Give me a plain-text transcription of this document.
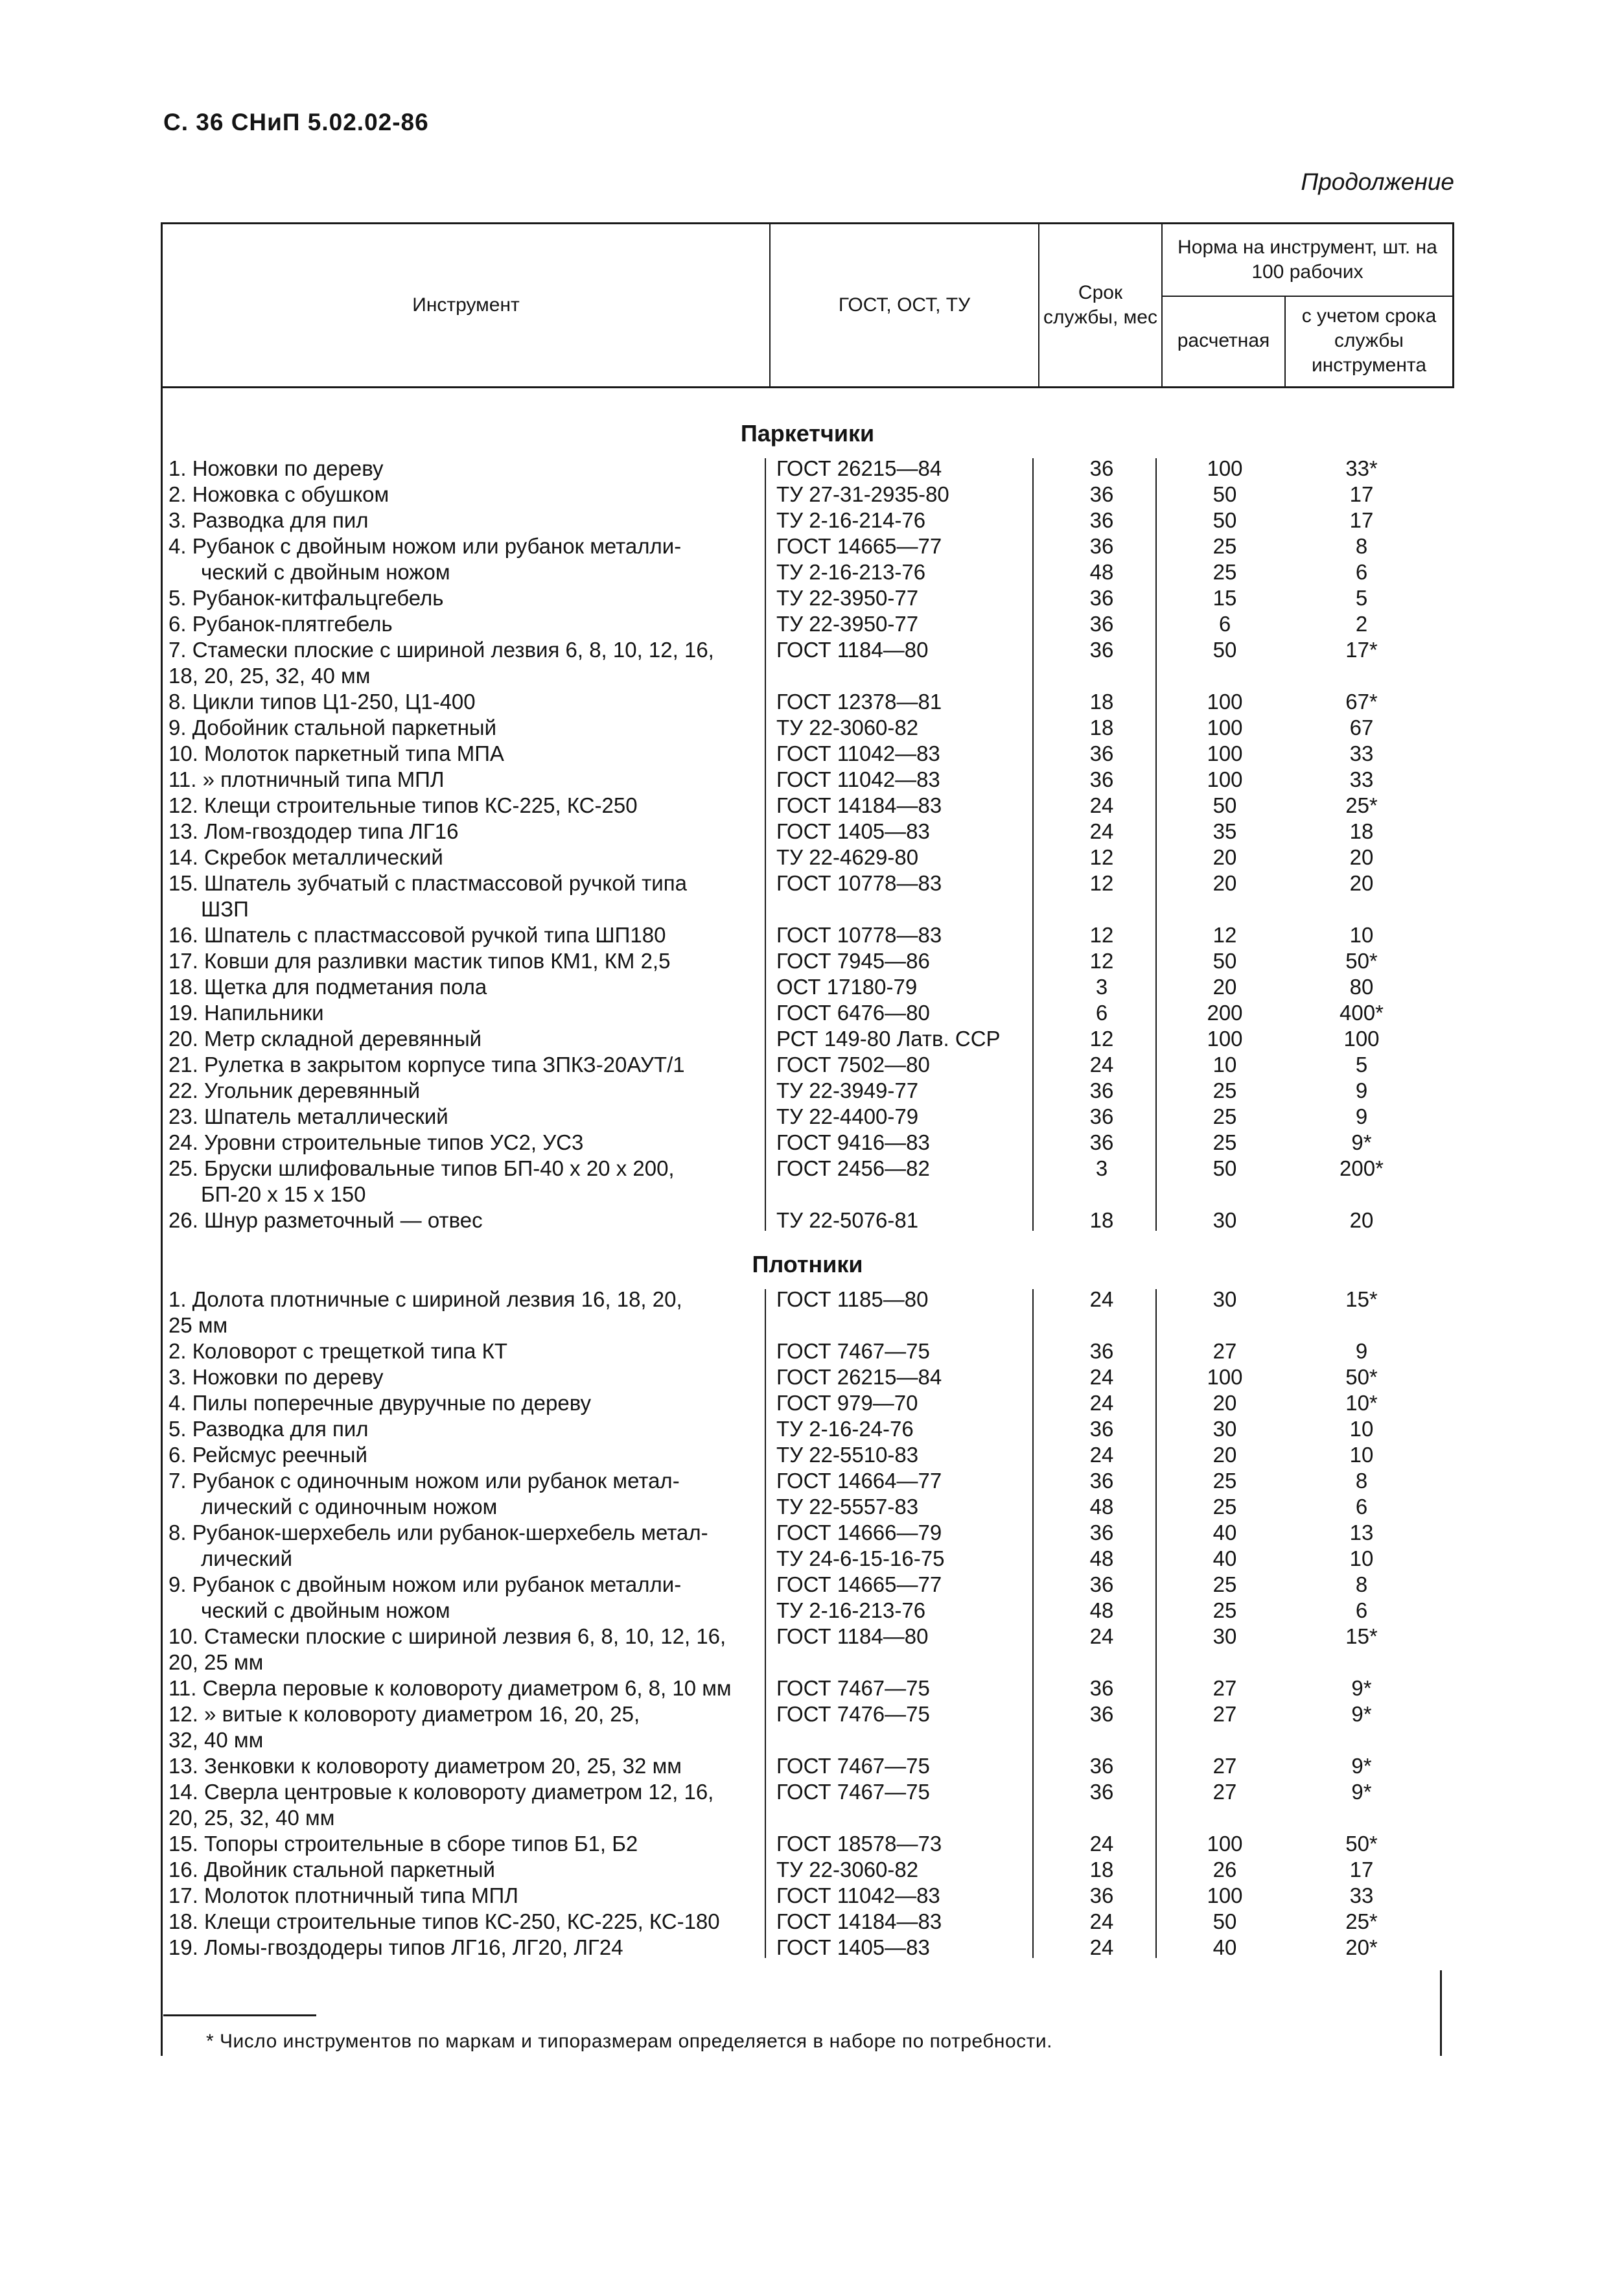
С. 36 СНиП 5.02.02-86
Продолжение
Инструмент	ГОСТ, ОСТ, ТУ
Срок службы, мес
Норма на инструмент, шт. на 100 рабочих
расчетная
с учетом срока службы инструмента
Паркетчики
1. Ножовки по дереву	ГОСТ 26215—84	36	100	33*
2. Ножовка с обушком	ТУ 27-31-2935-80	36	50	17
3. Разводка для пил	ТУ 2-16-214-76	36	50	17
4. Рубанок с двойным ножом или рубанок металли-	ГОСТ 14665—77	36	25	8
ческий с двойным ножом	ТУ 2-16-213-76	48	25	6
5. Рубанок-китфальцгебель	ТУ 22-3950-77	36	15	5
6. Рубанок-плятгебель	ТУ 22-3950-77	36	6	2
7. Стамески плоские с шириной лезвия 6, 8, 10, 12, 16,	ГОСТ 1184—80	36	50	17*
18, 20, 25, 32, 40 мм
8. Цикли типов Ц1-250, Ц1-400	ГОСТ 12378—81	18	100	67*
9. Добойник стальной паркетный	ТУ 22-3060-82	18	100	67
10. Молоток паркетный типа МПА	ГОСТ 11042—83	36	100	33
11. » плотничный типа МПЛ	ГОСТ 11042—83	36	100	33
12. Клещи строительные типов КС-225, КС-250	ГОСТ 14184—83	24	50	25*
13. Лом-гвоздодер типа ЛГ16	ГОСТ 1405—83	24	35	18
14. Скребок металлический	ТУ 22-4629-80	12	20	20
15. Шпатель зубчатый с пластмассовой ручкой типа	ГОСТ 10778—83	12	20	20
ШЗП
16. Шпатель с пластмассовой ручкой типа ШП180	ГОСТ 10778—83	12	12	10
17. Ковши для разливки мастик типов КМ1, КМ 2,5	ГОСТ 7945—86	12	50	50*
18. Щетка для подметания пола	ОСТ 17180-79	3	20	80
19. Напильники	ГОСТ 6476—80	6	200	400*
20. Метр складной деревянный	РСТ 149-80 Латв. ССР	12	100	100
21. Рулетка в закрытом корпусе типа ЗПКЗ-20АУТ/1	ГОСТ 7502—80	24	10	5
22. Угольник деревянный	ТУ 22-3949-77	36	25	9
23. Шпатель металлический	ТУ 22-4400-79	36	25	9
24. Уровни строительные типов УС2, УС3	ГОСТ 9416—83	36	25	9*
25. Бруски шлифовальные типов БП-40 х 20 х 200,	ГОСТ 2456—82	3	50	200*
БП-20 х 15 х 150
26. Шнур разметочный — отвес	ТУ 22-5076-81	18	30	20
Плотники
1. Долота плотничные с шириной лезвия 16, 18, 20,	ГОСТ 1185—80	24	30	15*
25 мм
2. Коловорот с трещеткой типа КТ	ГОСТ 7467—75	36	27	9
3. Ножовки по дереву	ГОСТ 26215—84	24	100	50*
4. Пилы поперечные двуручные по дереву	ГОСТ 979—70	24	20	10*
5. Разводка для пил	ТУ 2-16-24-76	36	30	10
6. Рейсмус реечный	ТУ 22-5510-83	24	20	10
7. Рубанок с одиночным ножом или рубанок метал-	ГОСТ 14664—77	36	25	8
лический с одиночным ножом	ТУ 22-5557-83	48	25	6
8. Рубанок-шерхебель или рубанок-шерхебель метал-	ГОСТ 14666—79	36	40	13
лический	ТУ 24-6-15-16-75	48	40	10
9. Рубанок с двойным ножом или рубанок металли-	ГОСТ 14665—77	36	25	8
ческий с двойным ножом	ТУ 2-16-213-76	48	25	6
10. Стамески плоские с шириной лезвия 6, 8, 10, 12, 16, ГОСТ 1184—80	24	30	15*
20, 25 мм
11. Сверла перовые к коловороту диаметром 6, 8, 10 мм ГОСТ 7467—75	36	27	9*
12. » витые к коловороту диаметром 16, 20, 25,	ГОСТ 7476—75	36	27	9*
32, 40 мм
13. Зенковки к коловороту диаметром 20, 25, 32 мм	ГОСТ 7467—75	36	27	9*
14. Сверла центровые к коловороту диаметром 12, 16,	ГОСТ 7467—75	36	27	9*
20, 25, 32, 40 мм
15. Топоры строительные в сборе типов Б1, Б2	ГОСТ 18578—73	24	100	50*
16. Двойник стальной паркетный	ТУ 22-3060-82	18	26	17
17. Молоток плотничный типа МПЛ	ГОСТ 11042—83	36	100	33
18. Клещи строительные типов КС-250, КС-225, КС-180	ГОСТ 14184—83	24	50	25*
19. Ломы-гвоздодеры типов ЛГ16, ЛГ20, ЛГ24	ГОСТ 1405—83	24	40	20*
* Число инструментов по маркам и типоразмерам определяется в наборе по потребности.
